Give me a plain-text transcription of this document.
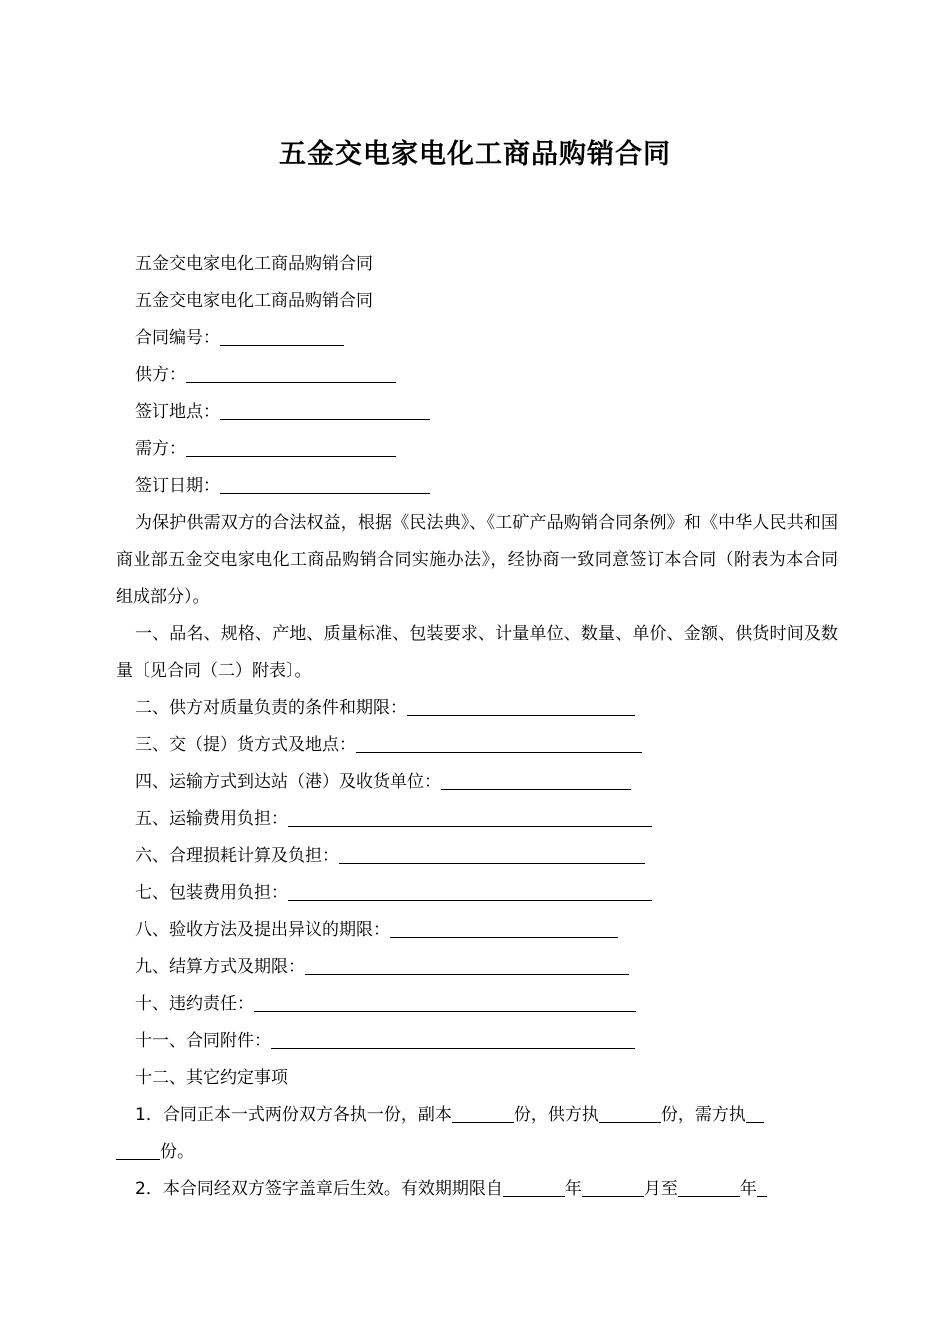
五金交电家电化工商品购销合同

五金交电家电化工商品购销合同

五金交电家电化工商品购销合同

合同编号：

供方：

签订地点：

需方：

签订日期：

为保护供需双方的合法权益，根据《民法典》、《工矿产品购销合同条例》和《中华人民共和国商业部五金交电家电化工商品购销合同实施办法》，经协商一致同意签订本合同（附表为本合同组成部分）。

一、品名、规格、产地、质量标准、包装要求、计量单位、数量、单价、金额、供货时间及数量〔见合同（二）附表〕。

二、供方对质量负责的条件和期限：

三、交（提）货方式及地点：

四、运输方式到达站（港）及收货单位：

五、运输费用负担：

六、合理损耗计算及负担：

七、包装费用负担：

八、验收方法及提出异议的期限：

九、结算方式及期限：

十、违约责任：

十一、合同附件：

十二、其它约定事项

1．合同正本一式两份双方各执一份，副本	份，供方执	份，需方执

份。

2．本合同经双方签字盖章后生效。有效期期限自	年	月至	年
